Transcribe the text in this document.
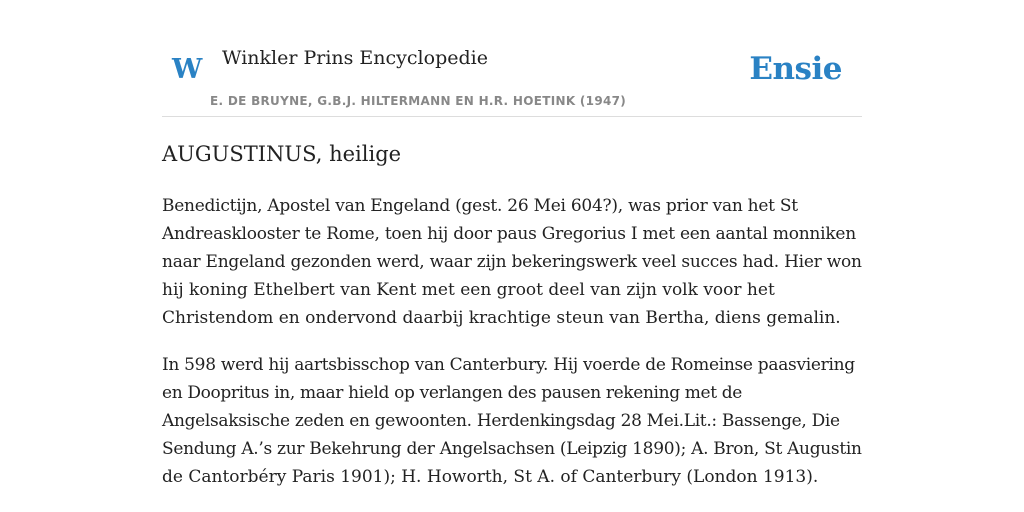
W Winkler Prins Encyclopedie
E. DE BRUYNE, G.B.J. HILTERMANN EN H.R. HOETINK (1947)
Ensie
AUGUSTINUS, heilige
Benedictijn, Apostel van Engeland (gest. 26 Mei 604?), was prior van het St
Andreasklooster te Rome, toen hij door paus Gregorius I met een aantal monniken
naar Engeland gezonden werd, waar zijn bekeringswerk veel succes had. Hier won
hij koning Ethelbert van Kent met een groot deel van zijn volk voor het
Christendom en ondervond daarbij krachtige steun van Bertha, diens gemalin.
In 598 werd hij aartsbisschop van Canterbury. Hij voerde de Romeinse paasviering
en Doopritus in, maar hield op verlangen des pausen rekening met de
Angelsaksische zeden en gewoonten. Herdenkingsdag 28 Mei.Lit.: Bassenge, Die
Sendung A.’s zur Bekehrung der Angelsachsen (Leipzig 1890); A. Bron, St Augustin
de Cantorbéry Paris 1901); H. Howorth, St A. of Canterbury (London 1913).
